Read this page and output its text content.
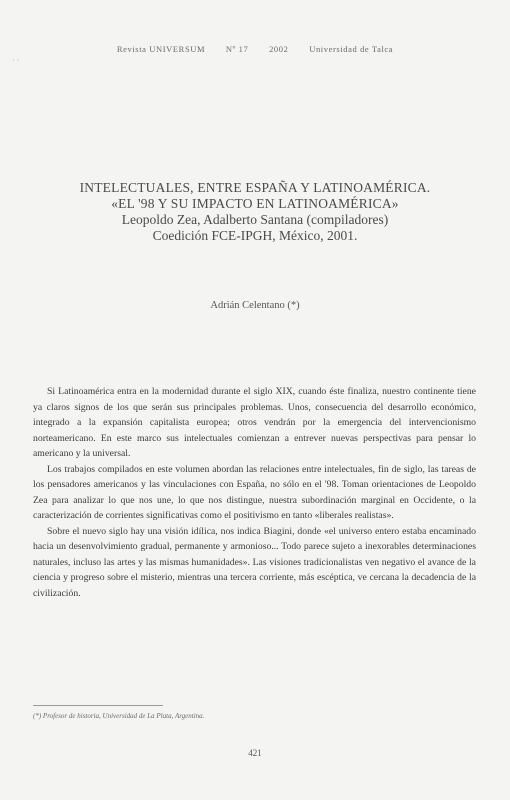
Revista UNIVERSUM Nº 17 2002 Universidad de Talca
· ·
INTELECTUALES, ENTRE ESPAÑA Y LATINOAMÉRICA.
«EL '98 Y SU IMPACTO EN LATINOAMÉRICA»
Leopoldo Zea, Adalberto Santana (compiladores)
Coedición FCE-IPGH, México, 2001.
Adrián Celentano (*)

Si Latinoamérica entra en la modernidad durante el siglo XIX, cuando éste finaliza, nuestro continente tiene ya claros signos de los que serán sus principales problemas. Unos, consecuencia del desarrollo económico, integrado a la expansión capitalista europea; otros vendrán por la emergencia del intervencionismo norteamericano. En este marco sus intelectuales comienzan a entrever nuevas perspectivas para pensar lo americano y la universal.

Los trabajos compilados en este volumen abordan las relaciones entre intelectuales, fin de siglo, las tareas de los pensadores americanos y las vinculaciones con España, no sólo en el '98. Toman orientaciones de Leopoldo Zea para analizar lo que nos une, lo que nos distingue, nuestra subordinación marginal en Occidente, o la caracterización de corrientes significativas como el positivismo en tanto «liberales realistas».

Sobre el nuevo siglo hay una visión idílica, nos indica Biagini, donde «el universo entero estaba encaminado hacia un desenvolvimiento gradual, permanente y armonioso... Todo parece sujeto a inexorables determinaciones naturales, incluso las artes y las mismas humanidades». Las visiones tradicionalistas ven negativo el avance de la ciencia y progreso sobre el misterio, mientras una tercera corriente, más escéptica, ve cercana la decadencia de la civilización.

(*) Profesor de historia, Universidad de La Plata, Argentina.
421
